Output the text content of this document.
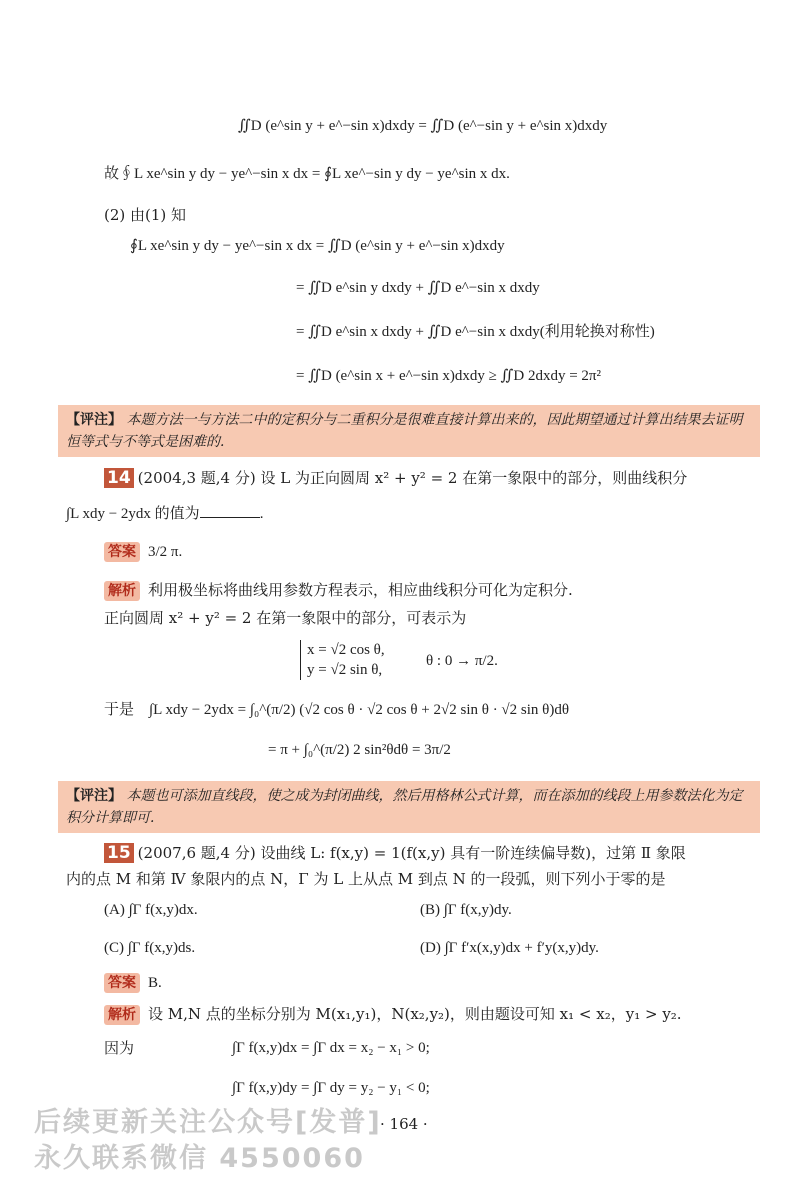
∬D (e^sin y + e^−sin x)dxdy = ∬D (e^−sin y + e^sin x)dxdy
故∮L xe^sin y dy − ye^−sin x dx = ∮L xe^−sin y dy − ye^sin x dx.
(2) 由(1) 知
∮L xe^sin y dy − ye^−sin x dx = ∬D (e^sin y + e^−sin x)dxdy
= ∬D e^sin y dxdy + ∬D e^−sin x dxdy
= ∬D e^sin x dxdy + ∬D e^−sin x dxdy(利用轮换对称性)
= ∬D (e^sin x + e^−sin x)dxdy ≥ ∬D 2dxdy = 2π²
【评注】 本题方法一与方法二中的定积分与二重积分是很难直接计算出来的，因此期望通过计算出结果去证明恒等式与不等式是困难的.
14 (2004,3 题,4 分) 设 L 为正向圆周 x² + y² = 2 在第一象限中的部分，则曲线积分
∫L xdy − 2ydx 的值为	.
答案 3/2 π.
解析 利用极坐标将曲线用参数方程表示，相应曲线积分可化为定积分.
正向圆周 x² + y² = 2 在第一象限中的部分，可表示为
x = √2 cos θ,
y = √2 sin θ,
θ : 0 → π/2.
于是　∫L xdy − 2ydx = ∫₀^(π/2) (√2 cos θ · √2 cos θ + 2√2 sin θ · √2 sin θ)dθ
= π + ∫₀^(π/2) 2 sin²θdθ = 3π/2
【评注】 本题也可添加直线段，使之成为封闭曲线，然后用格林公式计算，而在添加的线段上用参数法化为定积分计算即可.
15 (2007,6 题,4 分) 设曲线 L: f(x,y) = 1(f(x,y) 具有一阶连续偏导数)，过第 Ⅱ 象限
内的点 M 和第 Ⅳ 象限内的点 N，Γ 为 L 上从点 M 到点 N 的一段弧，则下列小于零的是
(A) ∫Γ f(x,y)dx.	(B) ∫Γ f(x,y)dy.
(C) ∫Γ f(x,y)ds.	(D) ∫Γ f′x(x,y)dx + f′y(x,y)dy.
答案 B.
解析 设 M,N 点的坐标分别为 M(x₁,y₁)，N(x₂,y₂)，则由题设可知 x₁ < x₂，y₁ > y₂.
因为	∫Γ f(x,y)dx = ∫Γ dx = x₂ − x₁ > 0;
∫Γ f(x,y)dy = ∫Γ dy = y₂ − y₁ < 0;
· 164 ·
后续更新关注公众号[发普]
永久联系微信 4550060
